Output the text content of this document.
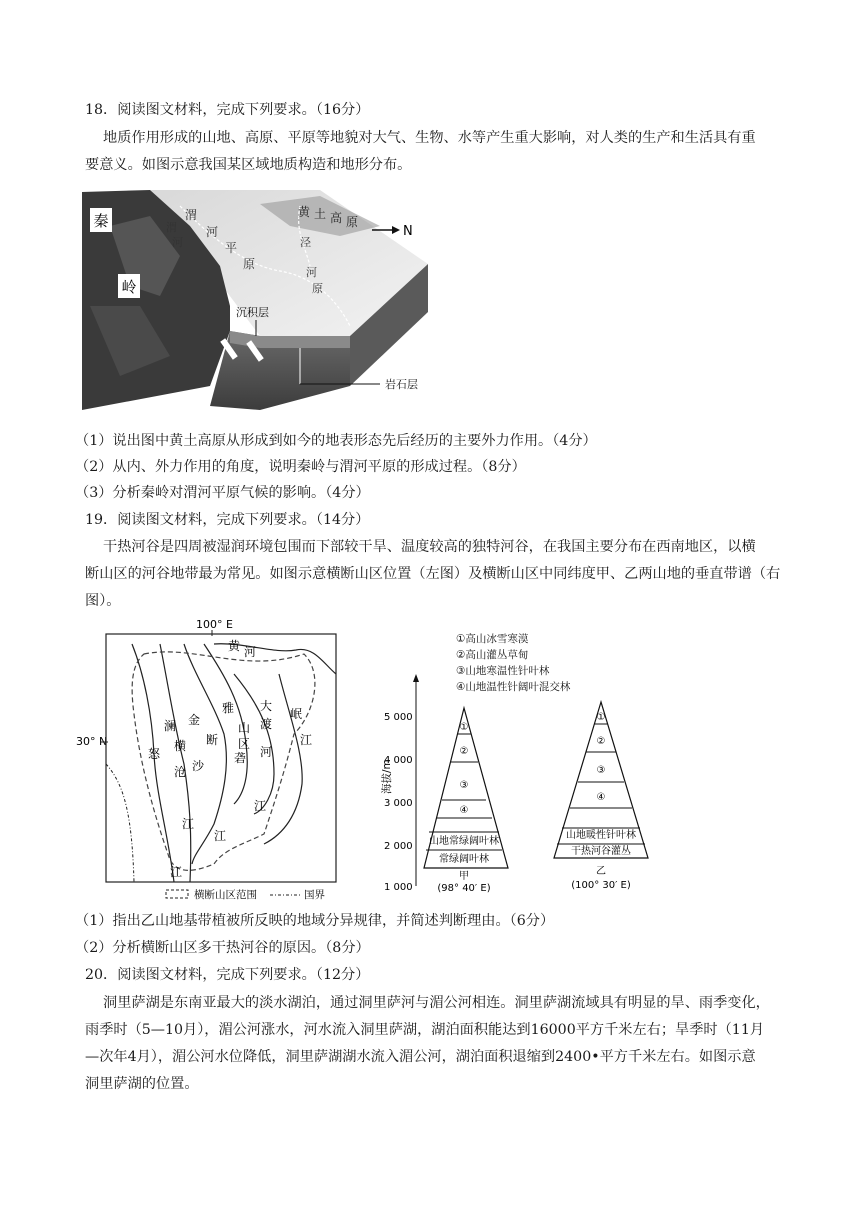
18．阅读图文材料，完成下列要求。（16分）
地质作用形成的山地、高原、平原等地貌对大气、生物、水等产生重大影响，对人类的生产和生活具有重
要意义。如图示意我国某区域地质构造和地形分布。
秦
岭
渭
河
平
原
渭
河
黄 土 高 原
泾
河
原
N
沉积层
岩石层
（1）说出图中黄土高原从形成到如今的地表形态先后经历的主要外力作用。（4分）
（2）从内、外力作用的角度，说明秦岭与渭河平原的形成过程。（8分）
（3）分析秦岭对渭河平原气候的影响。（4分）
19．阅读图文材料，完成下列要求。（14分）
干热河谷是四周被湿润环境包围而下部较干旱、温度较高的独特河谷，在我国主要分布在西南地区，以横
断山区的河谷地带最为常见。如图示意横断山区位置（左图）及横断山区中同纬度甲、乙两山地的垂直带谱（右
图）。
100° E
30° N
黄 河
大
渡
河
岷
江
雅
砻
江
金
沙
江
澜
沧
江
怒
江
山
区
断
横
横断山区范围	国界
①高山冰雪寒漠
②高山灌丛草甸
③山地寒温性针叶林
④山地温性针阔叶混交林
海拔/m
5 000
4 000
3 000
2 000
1 000
①
②
③
④
山地常绿阔叶林
常绿阔叶林
甲
(98° 40′ E)
①
②
③
④
山地暖性针叶林
干热河谷灌丛
乙
(100° 30′ E)
（1）指出乙山地基带植被所反映的地域分异规律，并简述判断理由。（6分）
（2）分析横断山区多干热河谷的原因。（8分）
20．阅读图文材料，完成下列要求。（12分）
洞里萨湖是东南亚最大的淡水湖泊，通过洞里萨河与湄公河相连。洞里萨湖流域具有明显的旱、雨季变化，
雨季时（5—10月），湄公河涨水，河水流入洞里萨湖，湖泊面积能达到16000平方千米左右；旱季时（11月
—次年4月），湄公河水位降低，洞里萨湖湖水流入湄公河，湖泊面积退缩到2400•平方千米左右。如图示意
洞里萨湖的位置。
